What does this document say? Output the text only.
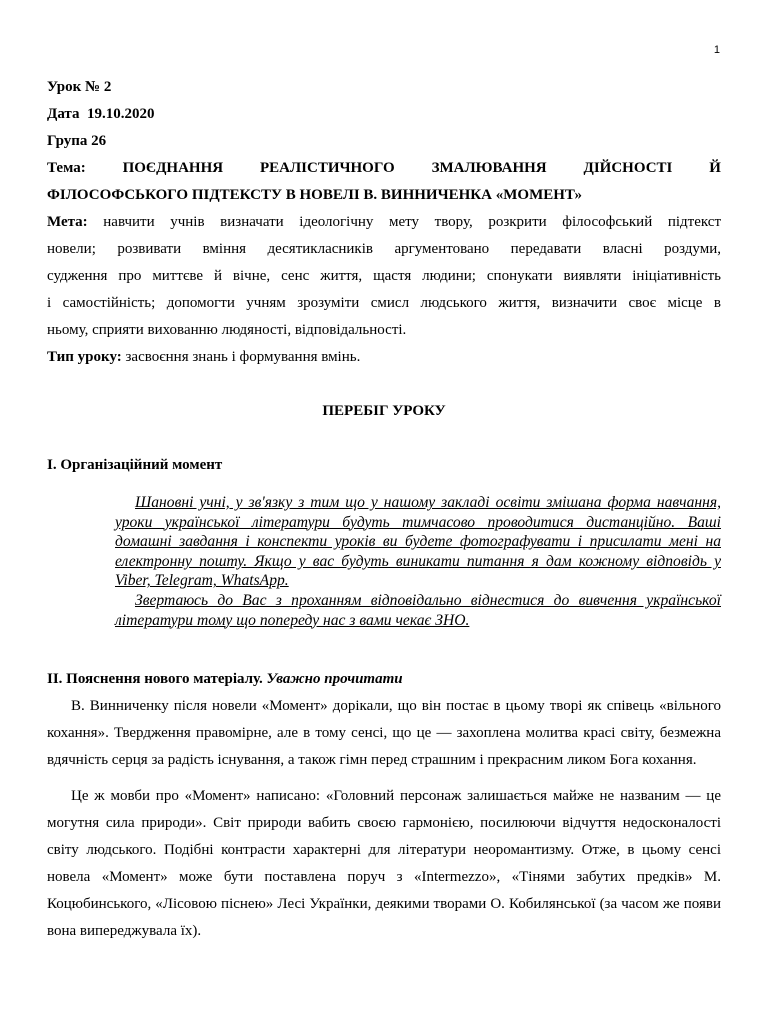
1

Урок № 2

Дата 19.10.2020

Група 26

Тема: ПОЄДНАННЯ РЕАЛІСТИЧНОГО ЗМАЛЮВАННЯ ДІЙСНОСТІ Й

ФІЛОСОФСЬКОГО ПІДТЕКСТУ В НОВЕЛІ В. ВИННИЧЕНКА «МОМЕНТ»

Мета: навчити учнів визначати ідеологічну мету твору, розкрити філософський підтекст

новели; розвивати вміння десятикласників аргументовано передавати власні роздуми,

судження про миттєве й вічне, сенс життя, щастя людини; спонукати виявляти ініціативність

і самостійність; допомогти учням зрозуміти смисл людського життя, визначити своє місце в

ньому, сприяти вихованню людяності, відповідальності.

Тип уроку: засвоєння знань і формування вмінь.

ПЕРЕБІГ УРОКУ

І. Організаційний момент

Шановні учні, у зв'язку з тим що у нашому закладі освіти змішана форма навчання, уроки української літератури будуть тимчасово проводитися дистанційно. Ваші домашні завдання і конспекти уроків ви будете фотографувати і присилати мені на електронну пошту. Якщо у вас будуть виникати питання я дам кожному відповідь у Viber, Telegram, WhatsApp.

Звертаюсь до Вас з проханням відповідально віднестися до вивчення української літератури тому що попереду нас з вами чекає ЗНО.

ІІ. Пояснення нового матеріалу. Уважно прочитати

В. Винниченку після новели «Момент» дорікали, що він постає в цьому творі як співець «вільного кохання». Твердження правомірне, але в тому сенсі, що це — захоплена молитва красі світу, безмежна вдячність серця за радість існування, а також гімн перед страшним і прекрасним ликом Бога кохання.

Це ж мовби про «Момент» написано: «Головний персонаж залишається майже не названим — це могутня сила природи». Світ природи вабить своєю гармонією, посилюючи відчуття недосконалості світу людського. Подібні контрасти характерні для літератури неоромантизму. Отже, в цьому сенсі новела «Момент» може бути поставлена поруч з «Intermezzo», «Тінями забутих предків» М. Коцюбинського, «Лісовою піснею» Лесі Українки, деякими творами О. Кобилянської (за часом же появи вона випереджувала їх).
